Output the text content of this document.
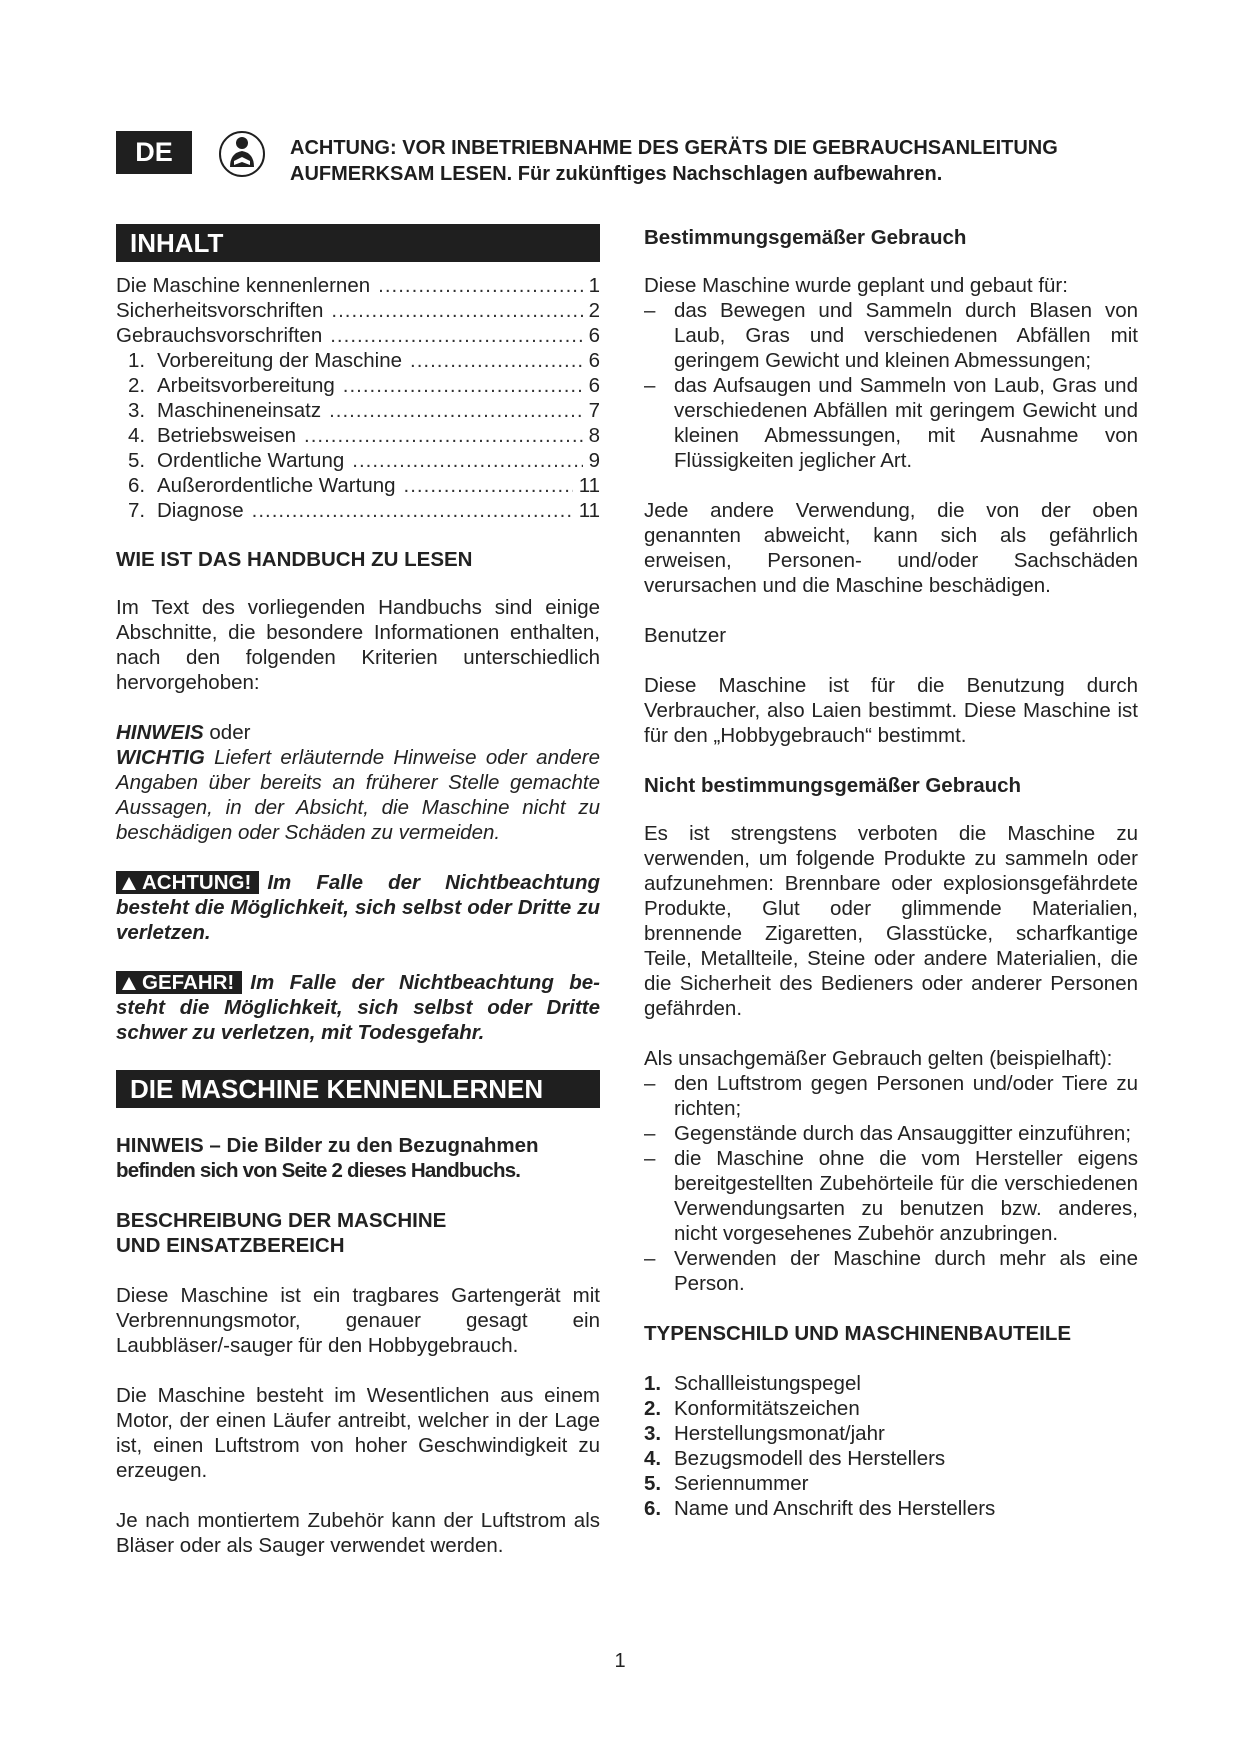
DE	ACHTUNG: VOR INBETRIEBNAHME DES GERÄTS DIE GEBRAUCHSANLEITUNG
AUFMERKSAM LESEN. Für zukünftiges Nachschlagen aufbewahren.
INHALT
Die Maschine kennenlernen .....	1
Sicherheitsvorschriften .....	2
Gebrauchsvorschriften .....	6
1. Vorbereitung der Maschine .....	6
2. Arbeitsvorbereitung .....	6
3. Maschineneinsatz .....	7
4. Betriebsweisen .....	8
5. Ordentliche Wartung .....	9
6. Außerordentliche Wartung .....	11
7. Diagnose .....	11
WIE IST DAS HANDBUCH ZU LESEN

Im Text des vorliegenden Handbuchs sind einige Abschnitte, die besondere Informationen enthalten, nach den folgenden Kriterien unterschiedlich hervorgehoben:

HINWEIS oder
WICHTIG Liefert erläuternde Hinweise oder andere Angaben über bereits an früherer Stelle gemachte Aussagen, in der Absicht, die Maschine nicht zu beschädigen oder Schäden zu vermeiden.

ACHTUNG! Im Falle der Nichtbeachtung besteht die Möglichkeit, sich selbst oder Dritte zu verletzen.

GEFAHR! Im Falle der Nichtbeachtung be-steht die Möglichkeit, sich selbst oder Dritte schwer zu verletzen, mit Todesgefahr.

DIE MASCHINE KENNENLERNEN
HINWEIS – Die Bilder zu den Bezugnahmen
befinden sich von Seite 2 dieses Handbuchs.
BESCHREIBUNG DER MASCHINE
UND EINSATZBEREICH

Diese Maschine ist ein tragbares Gartengerät mit Verbrennungsmotor, genauer gesagt ein Laubbläser/-sauger für den Hobbygebrauch.

Die Maschine besteht im Wesentlichen aus einem Motor, der einen Läufer antreibt, welcher in der Lage ist, einen Luftstrom von hoher Geschwindigkeit zu erzeugen.

Je nach montiertem Zubehör kann der Luftstrom als Bläser oder als Sauger verwendet werden.

Bestimmungsgemäßer Gebrauch

Diese Maschine wurde geplant und gebaut für:

– das Bewegen und Sammeln durch Blasen von Laub, Gras und verschiedenen Abfällen mit geringem Gewicht und kleinen Abmessungen;
– das Aufsaugen und Sammeln von Laub, Gras und verschiedenen Abfällen mit geringem Gewicht und kleinen Abmessungen, mit Ausnahme von Flüssigkeiten jeglicher Art.

Jede andere Verwendung, die von der oben genannten abweicht, kann sich als gefährlich erweisen, Personen- und/oder Sachschäden verursachen und die Maschine beschädigen.

Benutzer

Diese Maschine ist für die Benutzung durch Verbraucher, also Laien bestimmt. Diese Maschine ist für den „Hobbygebrauch“ bestimmt.

Nicht bestimmungsgemäßer Gebrauch

Es ist strengstens verboten die Maschine zu verwenden, um folgende Produkte zu sammeln oder aufzunehmen: Brennbare oder explosionsgefährdete Produkte, Glut oder glimmende Materialien, brennende Zigaretten, Glasstücke, scharfkantige Teile, Metallteile, Steine oder andere Materialien, die die Sicherheit des Bedieners oder anderer Personen gefährden.

Als unsachgemäßer Gebrauch gelten (beispielhaft):

– den Luftstrom gegen Personen und/oder Tiere zu richten;
– Gegenstände durch das Ansauggitter einzuführen;
– die Maschine ohne die vom Hersteller eigens bereitgestellten Zubehörteile für die verschiedenen Verwendungsarten zu benutzen bzw. anderes, nicht vorgesehenes Zubehör anzubringen.
– Verwenden der Maschine durch mehr als eine Person.
TYPENSCHILD UND MASCHINENBAUTEILE
1. Schallleistungspegel
2. Konformitätszeichen
3. Herstellungsmonat/jahr
4. Bezugsmodell des Herstellers
5. Seriennummer
6. Name und Anschrift des Herstellers
1
